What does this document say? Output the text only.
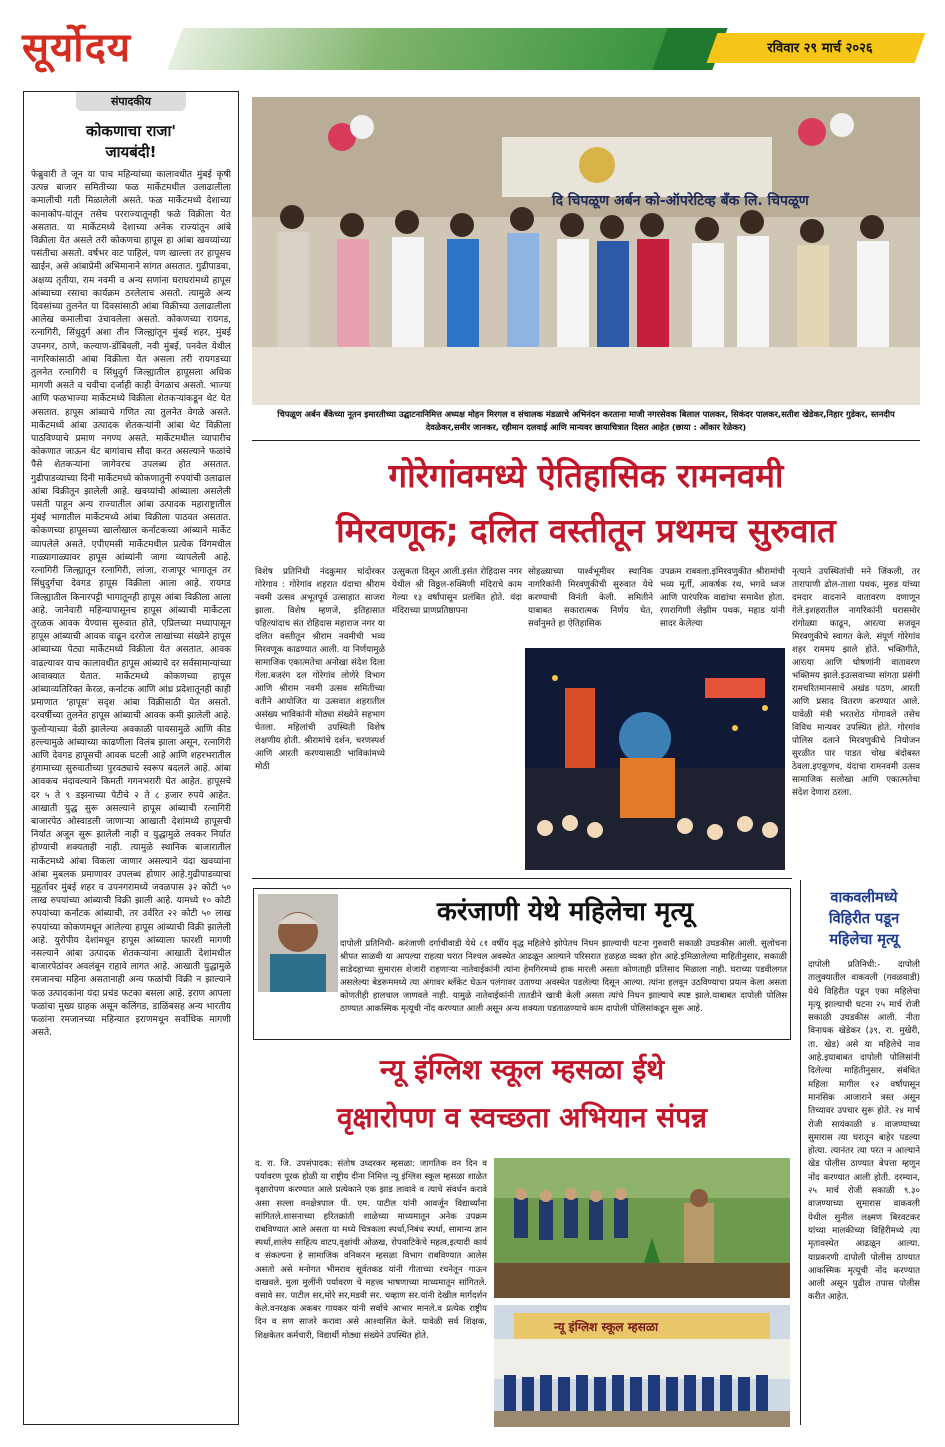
सूर्योदय	रविवार २९ मार्च २०२६
संपादकीय
कोकणाचा राजा'
जायबंदी!
फेब्रुवारी ते जून या पाच महिन्यांच्या कालावधीत मुंबई कृषी उत्पन्न बाजार समितीच्या फळ मार्केटमधील उलाढालीला कमालीची गती मिळालेली असते. फळ मार्केटमध्ये देशाच्या कानाकोप-यांतून तसेच परराज्यातूनही फळे विक्रीला येत असतात. या मार्केटमध्ये देशाच्या अनेक राज्यांतून आंबे विक्रीला येत असले तरी कोकणचा हापूस हा आंबा खवय्यांच्या पसंतीचा असतो. वर्षभर वाट पाहिलं, पण खाल्ला तर हापूसच खाईन, असे आंबाप्रेमी अभिमानाने सांगत असतात. गुढीपाडवा, अक्षय्य तृतीया, राम नवमी व अन्य सणांना घराघरांमध्ये हापूस आंब्याच्या रसाचा कार्यक्रम ठरलेलाच असतो. त्यामुळे अन्य दिवसांच्या तुलनेत या दिवसांसाठी आंबा विक्रीच्या उलाढालीला आलेख कमालीचा उंचावलेला असतो. कोकणच्या रायगड, रत्नागिरी, सिंधुदुर्ग अशा तीन जिल्ह्यांतून मुंबई शहर, मुंबई उपनगर, ठाणे, कल्याण-डोंबिवली, नवी मुंबई, पनवेल येथील नागरिकांसाठी आंबा विक्रीला येत असला तरी रायगडच्या तुलनेत रत्नागिरी व सिंधुदुर्ग जिल्ह्यातील हापूसला अधिक मागणी असते व चवीचा दर्जाही काही वेगळाच असतो. भाज्या आणि फळभाज्या मार्केटमध्ये विक्रीला शेतकऱ्यांकडून थेट येत असतात. हापूस आंब्याचे गणित त्या तुलनेत वेगळे असते. मार्केटमध्ये आंबा उत्पादक शेतकऱ्यांनी आंबा थेट विक्रीला पाठविण्याचे प्रमाण नगण्य असते. मार्केटमधील व्यापारीच कोकणात जाऊन थेट बागांवाच सौदा करत असल्याने फळांचे पैसे शेतकऱ्यांना जागेवरच उपलब्ध होत असतात. गुढीपाडव्याच्या दिनी मार्केटमध्ये कोकणातुनी रुपयांची उलाढाल आंबा विक्रीतून झालेली आहे. खवय्यांची आंब्याला असलेली पसंती पाहून अन्य राज्यातील आंबा उत्पादक महाराष्ट्रातील मुंबई भागातील मार्केटमध्ये आंबा विक्रीला पाठवत असतात. कोकणच्या हापूसच्या खालोखाल कर्नाटकच्या आंब्याने मार्केट व्यापलेले असते. एपीएमसी मार्केटमधील प्रत्येक विंगमधील गाळ्यागाळ्यावर हापूस आंब्यांनी जागा व्यापलेली आहे. रत्नागिरी जिल्ह्यातून रत्नागिरी, लांजा, राजापूर भागातून तर सिंधुदुर्गचा देवगड हापूस विक्रीला आला आहे. रायगड जिल्ह्यातील किनारपट्टी भागातूनही हापूस आंबा विक्रीला आला आहे. जानेवारी महिन्यापासूनच हापूस आंब्याची मार्केटला तुरळक आवक येण्यास सुरुवात होते, एप्रिलच्या मध्यापासून हापूस आंब्याची आवक वाढून दररोज लाखांच्या संख्येने हापूस आंब्याच्या पेट्या मार्केटमध्ये विक्रीला येत असतात. आवक वाढल्यावर याच कालावधीत हापूस आंब्याचे दर सर्वसामान्यांच्या आवाक्यात येतात. मार्केटमध्ये कोकणच्या हापूस आंब्याव्यतिरिक्त केरळ, कर्नाटक आणि आंध्र प्रदेशातूनही काही प्रमाणात 'हापूस' सदृश आंबा विक्रीसाठी येत असतो. दरवर्षीच्या तुलनेत हापूस आंब्याची आवक कमी झालेली आहे. फुलोऱ्याच्या वेळी झालेल्या अवकाळी पावसामुळे आणि कीड हल्ल्यामुळे आंब्याच्या काढणीला विलंब झाला असून, रत्नागिरी आणि देवगड हापूसची आवक घटली आहे आणि शहरभरातील हंगामाच्या सुरुवातीच्या पुरवठ्याचे स्वरूप बदलले आहे. आंबा आवकच मंदावल्याने किमती गगनभरारी घेत आहेत. हापूसचे दर ५ ते ९ डझनाच्या पेटीचे २ ते ८ हजार रुपये आहेत. आखाती युद्ध सुरू असल्याने हापूस आंब्याची रत्नागिरी बाजारपेठ ओस्वाडली जाणाऱ्या आखाती देशांमध्ये हापूसची निर्यात अजून सुरू झालेली नाही व युद्धामुळे लवकर निर्यात होण्याची शक्यताही नाही. त्यामुळे स्थानिक बाजारातील मार्केटमध्ये आंबा विकला जाणार असल्याने यंदा खवय्यांना आंबा मुबलक प्रमाणावर उपलब्ध होणार आहे.गुढीपाडव्याचा मुहूर्तावर मुंबई शहर व उपनगरामध्ये जवळपास ३२ कोटी ५० लाख रुपयांच्या आंब्याची विक्री झाली आहे. यामध्ये १० कोटी रुपयांच्या कर्नाटक आंब्याची, तर उर्वरित २२ कोटी ५० लाख रुपयांच्या कोकणमधून आलेल्या हापूस आंब्याची विक्री झालेली आहे. युरोपीय देशांमधून हापूस आंब्याला फारशी मागणी नसल्याने आंबा उत्पादक शेतकऱ्यांना आखाती देशांमधील बाजारपेठांवर अवलंबून राहावे लागत आहे. आखाती युद्धामुळे रमजानचा महिना असतानाही अन्य फळांची विक्री न झाल्याने फळ उत्पादकांना यंदा प्रचंड फटका बसला आहे. इराण आपला फळांचा मुख्य ग्राहक असून कलिंगड, डाळिंबसह अन्य भारतीय फळांना रमजानच्या महिन्यात इराणमधून सर्वाधिक मागणी असते.
दि चिपळूण अर्बन को-ऑपरेटिव्ह बँक लि. चिपळूण
चिपळूण अर्बन बँकेच्या नूतन इमारतीच्या उद्घाटनानिमित्त अध्यक्ष मोहन मिरगल व संचालक मंडळाचे अभिनंदन करताना माजी नगरसेवक बिलाल पालकर, सिकंदर पालकर,सतीश खेडेकर,निहार गुडेकर, स्तनदीप देवळेकर,समीर जानकर, रहीमान दलवाई आणि मान्यवर छायाचित्रात दिसत आहेत (छाया : ओंकार रेळेकर)
गोरेगांवमध्ये ऐतिहासिक रामनवमी
मिरवणूक; दलित वस्तीतून प्रथमच सुरुवात
विशेष प्रतिनिधी नंदकुमार चांदोरकर गोरेगाव : गोरेगांव शहरात यंदाचा श्रीराम नवमी उत्सव अभूतपूर्व उत्साहात साजरा झाला. विशेष म्हणजे, इतिहासात पहिल्यांदाच संत रोहिदास महाराज नगर या दलित वस्तीतून श्रीराम नवमीची भव्य मिरवणूक काढण्यात आली. या निर्णयामुळे सामाजिक एकात्मतेचा अनोखा संदेश दिला गेला.बजरंग दल गोरेगांव लोणेरे विभाग आणि श्रीराम नवमी उत्सव समितीच्या वतीने आयोजित या उत्सवात शहरातील असंख्य भाविकांनी मोठ्या संख्येने सहभाग घेतला. महिलांची उपस्थिती विशेष लक्षणीय होती. श्रीरामांचे दर्शन, चरणस्पर्श आणि आरती करण्यासाठी भाविकांमध्ये मोठी
उत्सुकता दिसून आली.इसंत रोहिदास नगर येथील श्री विठ्ठल-रुक्मिणी मंदिराचे काम गेल्या १३ वर्षांपासून प्रलंबित होते. यंदा मंदिराच्या प्राणप्रतिष्ठापना
सोहळ्याच्या पार्श्वभूमीवर स्थानिक नागरिकांनी मिरवणुकीची सुरुवात येथे करण्याची विनंती केली. समितीने याबाबत सकारात्मक निर्णय घेत, सर्वानुमते हा ऐतिहासिक
उपक्रम राबवला.इमिरवणुकीत श्रीरामांची भव्य मूर्ती, आकर्षक रथ, भगवे ध्वज आणि पारंपरिक वाद्यांचा समावेश होता. रणरागिणी लेझीम पथक, महाड यांनी सादर केलेल्या
नृत्याने उपस्थितांची मने जिंकली, तर तारापाणी ढोल-ताशा पथक, मुरुड यांच्या दमदार वादनाने वातावरण दणाणून गेले.इशहरातील नागरिकांनी घरासमोर रांगोळ्या काढून, आरत्या सजवून मिरवणुकीचे स्वागत केले. संपूर्ण गोरेगांव शहर राममय झाले होते. भक्तिगीते, आरत्या आणि घोषणांनी वातावरण भक्तिमय झाले.इउत्सवाच्या सांगता प्रसंगी रामचरितमानसाचे अखंड पठण, आरती आणि प्रसाद वितरण करण्यात आले. यावेळी मंत्री भरतशेठ गोगावले तसेच विविध मान्यवर उपस्थित होते. गोरगांव पोलिस दलाने मिरवणुकीचे नियोजन सुरळीत पार पाडत चोख बंदोबस्त ठेवला.इएकूणच, यंदाचा रामनवमी उत्सव सामाजिक सलोखा आणि एकात्मतेचा संदेश देणारा ठरला.
करंजाणी येथे महिलेचा मृत्यू
दापोली प्रतिनिधी- करंजाणी दर्गाचीवाडी येथे ८१ वर्षीय वृद्ध महिलेचे झोपेतच निधन झाल्याची घटना गुरुवारी सकाळी उघडकीस आली. सुलोचना श्रीपत साळवी या आपल्या राहत्या घरात निश्चल अवस्थेत आढळून आल्याने परिसरात हळहळ व्यक्त होत आहे.इमिळालेल्या माहितीनुसार, सकाळी साडेदहाच्या सुमारास शेजारी राहणाऱ्या नातेवाईकांनी त्यांना हेमगिरमध्ये हाक मारली असता कोणताही प्रतिसाद मिळाला नाही. घराच्या पडवीलगत असलेल्या बेडरूममध्ये त्या अंगावर ब्लँकेट घेऊन पलंगावर उताण्या अवस्थेत पडलेल्या दिसून आल्या. त्यांना हलवून उठविण्याचा प्रयत्न केला असता कोणतीही हालचाल जाणवले नाही. यामुळे नातेवाईकांनी तातडीने खात्री केली असता त्यांचे निधन झाल्याचे स्पष्ट झाले.याबाबत दापोली पोलिस ठाण्यात आकस्मिक मृत्यूची नोंद करण्यात आली असून अन्य शक्यता पडताळण्याचे काम दापोली पोलिसांकडून सुरू आहे.
वाकवलीमध्ये
विहिरीत पडून
महिलेचा मृत्यू
दापोली प्रतिनिधी:- दापोली तालुक्यातील वाकवली (गवळवाडी) येथे विहिरीत पडून एका महिलेचा मृत्यू झाल्याची घटना २५ मार्च रोजी सकाळी उघडकीस आली. नीता विनायक खेडेकर (३९, रा. मुखेरी, ता. खेड) असे या महिलेचे नाव आहे.इयाबाबत दापोली पोलिसांनी दिलेल्या माहितीनुसार, संबंधित महिला मागील १२ वर्षांपासून मानसिक आजाराने त्रस्त असून तिच्यावर उपचार सुरू होते. २४ मार्च रोजी सायंकाळी ४ वाजण्याच्या सुमारास त्या घरातून बाहेर पडल्या होत्या. त्यानंतर त्या परत न आल्याने खेड पोलीस ठाण्यात बेपत्ता म्हणून नोंद करण्यात आली होती. दरम्यान, २५ मार्च रोजी सकाळी ९.३० वाजण्याच्या सुमारास वाकवली येथील सुनील लक्ष्मण बिरवटकर यांच्या मालकीच्या विहिरीमध्ये त्या मृतावस्थेत आढळून आल्या. याप्रकरणी दापोली पोलीस ठाण्यात आकस्मिक मृत्यूची नोंद करण्यात आली असून पुढील तपास पोलीस करीत आहेत.
न्यू इंग्लिश स्कूल म्हसळा ईथे
वृक्षारोपण व स्वच्छता अभियान संपन्न
द. रा. जि. उपसंपादक: संतोष उध्दरकर म्हसळा: जागतिक वन दिन व पर्यावरण पूरक होळी या राष्ट्रीय दीना निमित्त न्यू इंग्लिश स्कूल म्हसळा शाळेत वृक्षारोपण करण्यात आले प्रत्येकाने एक झाड लावावे व त्याचे संवर्धन करावे असा सल्ला वनक्षेत्रपाल पी. एम. पाटील यांनी आवर्जून विद्यार्थ्यांना सांगितले.शासनाच्या हरितक्रांती शाळेच्या माध्यमातून अनेक उपक्रम राबविण्यात आले असता या मध्ये चित्रकला स्पर्धा,निबंध स्पर्धा, सामान्य ज्ञान स्पर्धा,शालेय साहित्य वाटप,वृक्षांची ओळख, रोपवाटिकेचे महत्व,इत्यादी कार्य व संकल्पना हे सामाजिक वनिकरन म्हसळा विभाग राबविण्यात आलेस असतो असे मनोगत भीमराव सूर्वतकड यांनी गीताच्या रचनेतून गाऊन दाखवले. मुला मुलींनी पर्यावरण चे महत्त्व भाषणाच्या माध्यमातून सांगितले. वसावे सर. पाटील सर,मोरे सर,मडवी सर. चव्हाण सर.यांनी देखील मार्गदर्शन केले.वनरक्षक अकबर गायकर यांनी सर्वांचे आभार मानले.व प्रत्येक राष्ट्रीय दिन व सण साजरे करावा असे आश्वासित केले. यावेळी सर्व शिक्षक, शिक्षकेतर कर्मचारी, विद्यार्थी मोठ्या संख्येने उपस्थित होते.
न्यू इंग्लिश स्कूल म्हसळा
